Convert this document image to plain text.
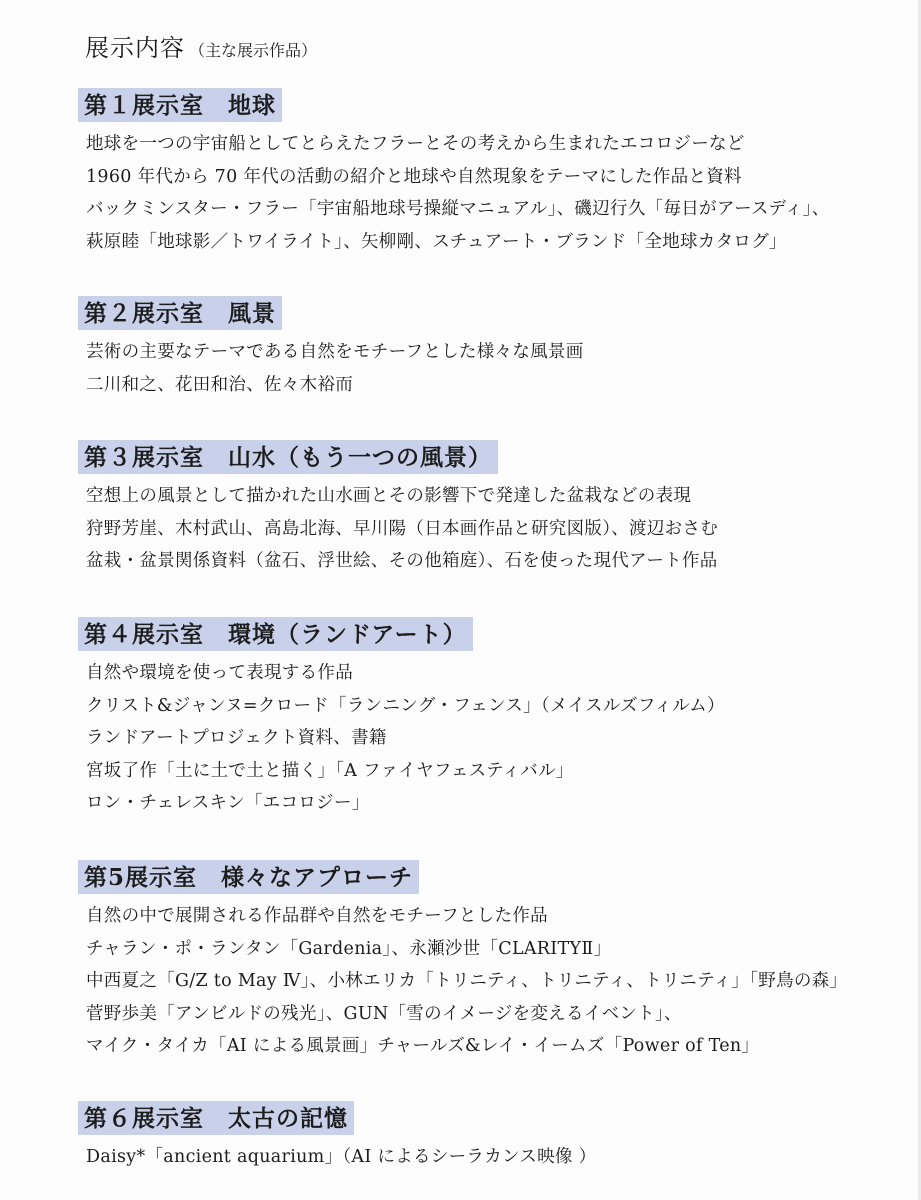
展示内容 （主な展示作品）
第１展示室　地球
地球を一つの宇宙船としてとらえたフラーとその考えから生まれたエコロジーなど
1960 年代から 70 年代の活動の紹介と地球や自然現象をテーマにした作品と資料
バックミンスター・フラー「宇宙船地球号操縦マニュアル」、磯辺行久「毎日がアースディ」、
萩原睦「地球影／トワイライト」、矢柳剛、スチュアート・ブランド「全地球カタログ」
第２展示室　風景
芸術の主要なテーマである自然をモチーフとした様々な風景画
二川和之、花田和治、佐々木裕而
第３展示室　山水（もう一つの風景）
空想上の風景として描かれた山水画とその影響下で発達した盆栽などの表現
狩野芳崖、木村武山、高島北海、早川陽（日本画作品と研究図版）、渡辺おさむ
盆栽・盆景関係資料（盆石、浮世絵、その他箱庭）、石を使った現代アート作品
第４展示室　環境（ランドアート）
自然や環境を使って表現する作品
クリスト&ジャンヌ=クロード「ランニング・フェンス」（メイスルズフィルム）
ランドアートプロジェクト資料、書籍
宮坂了作「土に土で土と描く」「A ファイヤフェスティバル」
ロン・チェレスキン「エコロジー」
第5展示室　様々なアプローチ
自然の中で展開される作品群や自然をモチーフとした作品
チャラン・ポ・ランタン「Gardenia」、永瀬沙世「CLARITYⅡ」
中西夏之「G/Z to May Ⅳ」、小林エリカ「トリニティ、トリニティ、トリニティ」「野鳥の森」
菅野歩美「アンビルドの残光」、GUN「雪のイメージを変えるイベント」、
マイク・タイカ「AI による風景画」チャールズ&レイ・イームズ「Power of Ten」
第６展示室　太古の記憶
Daisy*「ancient aquarium」（AI によるシーラカンス映像 ）
